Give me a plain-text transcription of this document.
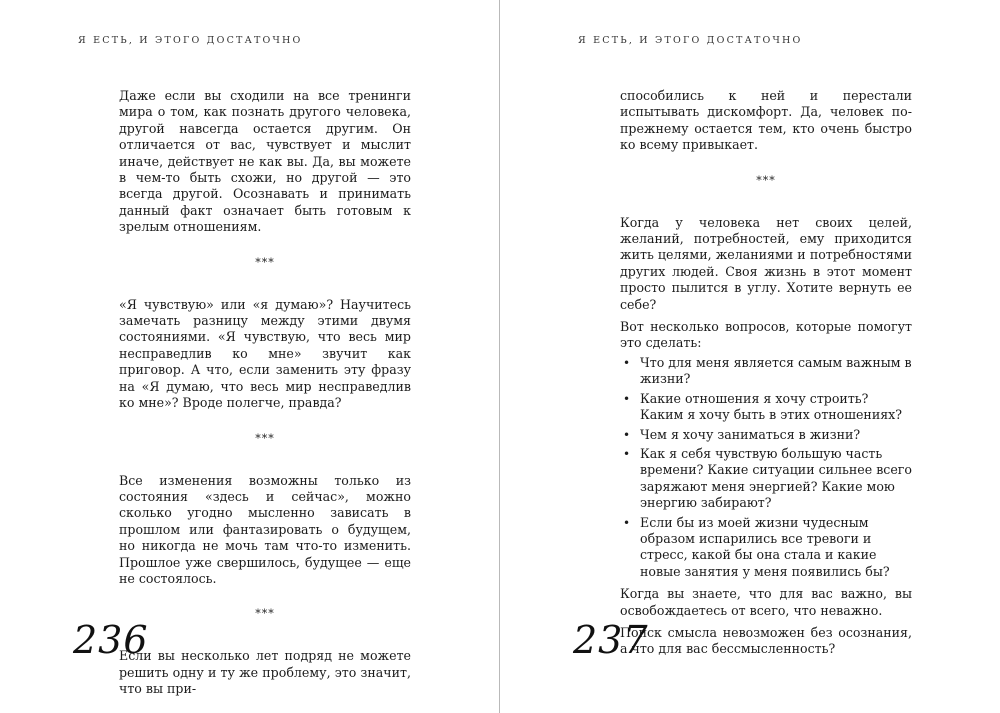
Я ЕСТЬ, И ЭТОГО ДОСТАТОЧНО

Даже если вы сходили на все тренинги мира о том, как познать другого человека, другой навсегда остается другим. Он отличается от вас, чувствует и мыслит иначе, действует не как вы. Да, вы можете в чем-то быть схожи, но другой — это всегда другой. Осознавать и принимать данный факт означает быть готовым к зрелым отношениям.

***

«Я чувствую» или «я думаю»? Научитесь замечать разницу между этими двумя состояниями. «Я чувствую, что весь мир несправедлив ко мне» звучит как приговор. А что, если заменить эту фразу на «Я думаю, что весь мир несправедлив ко мне»? Вроде полегче, правда?

***

Все изменения возможны только из состояния «здесь и сейчас», можно сколько угодно мысленно зависать в прошлом или фантазировать о будущем, но никогда не мочь там что-то изменить. Прошлое уже свершилось, будущее — еще не состоялось.

***

Если вы несколько лет подряд не можете решить одну и ту же проблему, это значит, что вы при-

236

Я ЕСТЬ, И ЭТОГО ДОСТАТОЧНО

способились к ней и перестали испытывать дискомфорт. Да, человек по-прежнему остается тем, кто очень быстро ко всему привыкает.

***

Когда у человека нет своих целей, желаний, потребностей, ему приходится жить целями, желаниями и потребностями других людей. Своя жизнь в этот момент просто пылится в углу. Хотите вернуть ее себе?

Вот несколько вопросов, которые помогут это сделать:

• Что для меня является самым важным в жизни?
• Какие отношения я хочу строить? Каким я хочу быть в этих отношениях?
• Чем я хочу заниматься в жизни?
• Как я себя чувствую большую часть времени? Какие ситуации сильнее всего заряжают меня энергией? Какие мою энергию забирают?
• Если бы из моей жизни чудесным образом испарились все тревоги и стресс, какой бы она стала и какие новые занятия у меня появились бы?

Когда вы знаете, что для вас важно, вы освобождаетесь от всего, что неважно.

Поиск смысла невозможен без осознания, а что для вас бессмысленность?

237
